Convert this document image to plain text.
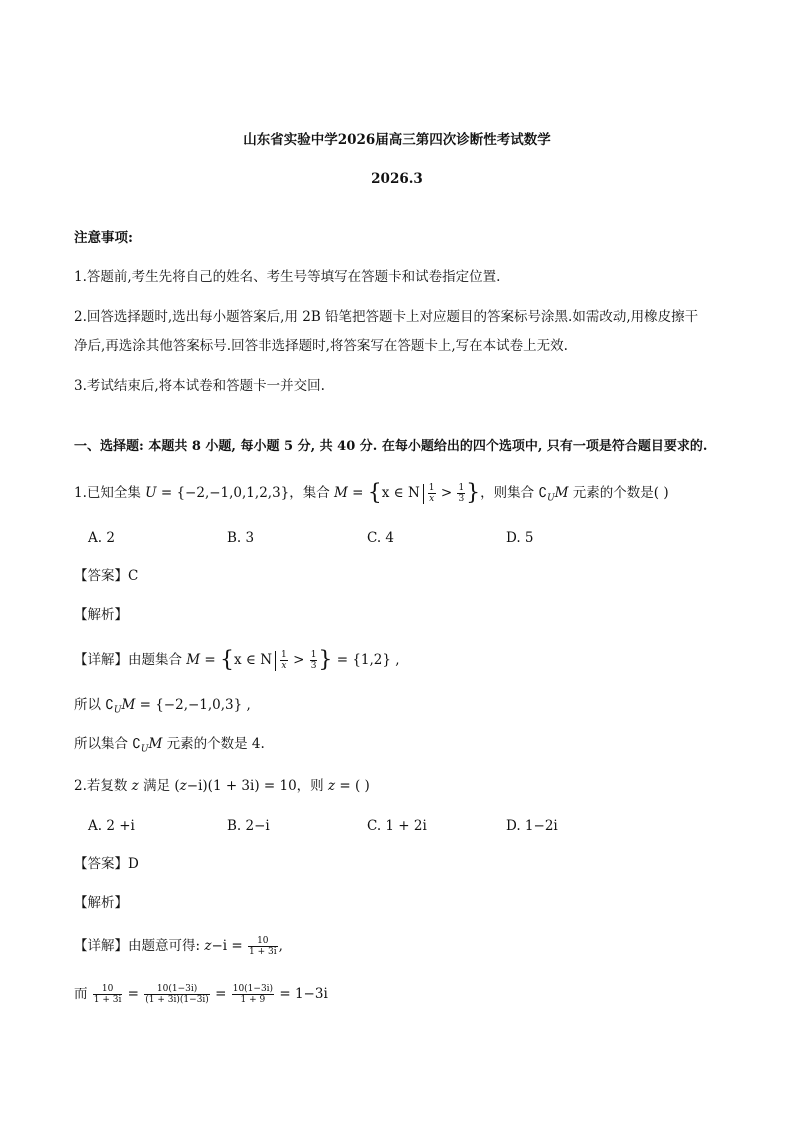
山东省实验中学2026届高三第四次诊断性考试数学
2026.3
注意事项:
1.答题前,考生先将自己的姓名、考生号等填写在答题卡和试卷指定位置.
2.回答选择题时,选出每小题答案后,用 2B 铅笔把答题卡上对应题目的答案标号涂黑.如需改动,用橡皮擦干
净后,再选涂其他答案标号.回答非选择题时,将答案写在答题卡上,写在本试卷上无效.
3.考试结束后,将本试卷和答题卡一并交回.
一、选择题: 本题共 8 小题, 每小题 5 分, 共 40 分. 在每小题给出的四个选项中, 只有一项是符合题目要求的.
1.已知全集 U = {−2,−1,0,1,2,3}，集合 M = {x ∈ N $\frac{1}{x} > \frac{1}{3}$ }，则集合 $∁_UM$ 元素的个数是( )
A. 2	B. 3	C. 4	D. 5
【答案】C
【解析】
【详解】由题集合 M = {x ∈ N $\frac{1}{x} > \frac{1}{3}$ } = {1,2} ,
所以 $∁_UM = \{-2,-1,0,3\}$ ,
所以集合 $∁_UM$ 元素的个数是 4.
2.若复数 z 满足 (z−i)(1 + 3i) = 10，则 z = ( )
A. 2 +i	B. 2−i	C. 1 + 2i	D. 1−2i
【答案】D
【解析】
【详解】由题意可得: $z-i = \frac{10}{1 + 3i}$ ,
而 $\frac{10}{1 + 3i} = \frac{10(1-3i)}{(1 + 3i)(1-3i)} = \frac{10(1-3i)}{1 + 9} = 1-3i$
